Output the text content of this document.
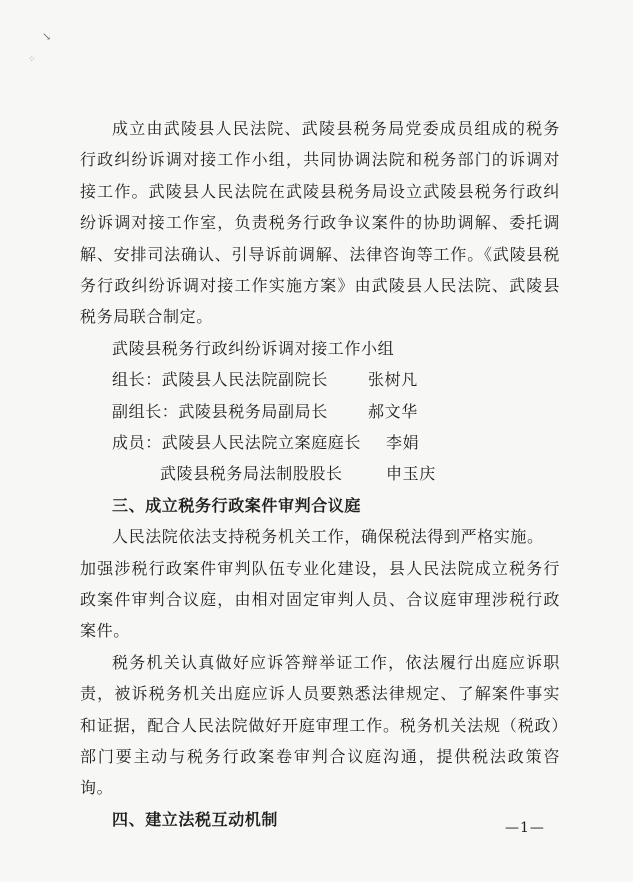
↘
⁘

成立由武陵县人民法院、武陵县税务局党委成员组成的税务行政纠纷诉调对接工作小组，共同协调法院和税务部门的诉调对接工作。武陵县人民法院在武陵县税务局设立武陵县税务行政纠纷诉调对接工作室，负责税务行政争议案件的协助调解、委托调解、安排司法确认、引导诉前调解、法律咨询等工作。《武陵县税务行政纠纷诉调对接工作实施方案》由武陵县人民法院、武陵县税务局联合制定。

武陵县税务行政纠纷诉调对接工作小组
组长：武陵县人民法院副院长	张树凡
副组长：武陵县税务局副局长	郝文华
成员：武陵县人民法院立案庭庭长 李娟
武陵县税务局法制股股长	申玉庆

三、成立税务行政案件审判合议庭

人民法院依法支持税务机关工作，确保税法得到严格实施。

加强涉税行政案件审判队伍专业化建设，县人民法院成立税务行政案件审判合议庭，由相对固定审判人员、合议庭审理涉税行政案件。

税务机关认真做好应诉答辩举证工作，依法履行出庭应诉职责，被诉税务机关出庭应诉人员要熟悉法律规定、了解案件事实和证据，配合人民法院做好开庭审理工作。税务机关法规（税政）部门要主动与税务行政案卷审判合议庭沟通，提供税法政策咨询。

四、建立法税互动机制	—1—
